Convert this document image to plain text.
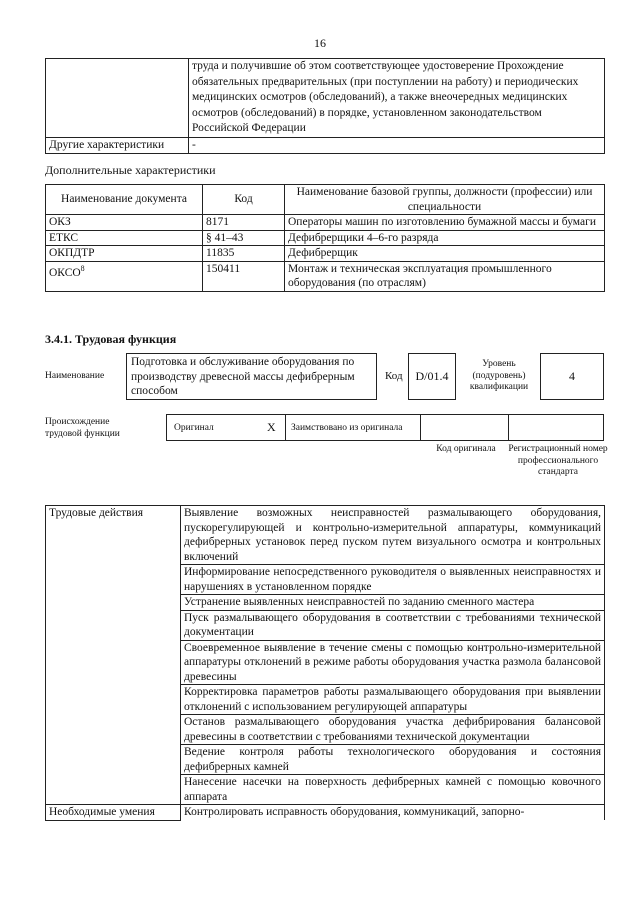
16
	труда и получившие об этом соответствующее удостоверение Прохождение обязательных предварительных (при поступлении на работу) и периодических медицинских осмотров (обследований), а также внеочередных медицинских осмотров (обследований) в порядке, установленном законодательством Российской Федерации
Другие характеристики	-
Дополнительные характеристики
Наименование документа	Код	Наименование базовой группы, должности (профессии) или специальности
ОКЗ	8171	Операторы машин по изготовлению бумажной массы и бумаги
ЕТКС	§ 41–43	Дефибрерщики 4–6-го разряда
ОКПДТР	11835	Дефибрерщик
ОКСО$^8$	150411	Монтаж и техническая эксплуатация промышленного оборудования (по отраслям)
3.4.1. Трудовая функция
Наименование
Подготовка и обслуживание оборудования по производству древесной массы дефибрерным способом
Код	D/01.4
Уровень (подуровень) квалификации
4
Происхождение трудовой функции
Оригинал	X Заимствовано из оригинала
Код оригинала	Регистрационный номер профессионального стандарта
Трудовые действия	Выявление возможных неисправностей размалывающего оборудования, пускорегулирующей и контрольно-измерительной аппаратуры, коммуникаций дефибрерных установок перед пуском путем визуального осмотра и контрольных включений
	Информирование непосредственного руководителя о выявленных неисправностях и нарушениях в установленном порядке
	Устранение выявленных неисправностей по заданию сменного мастера
	Пуск размалывающего оборудования в соответствии с требованиями технической документации
	Своевременное выявление в течение смены с помощью контрольно-измерительной аппаратуры отклонений в режиме работы оборудования участка размола балансовой древесины
	Корректировка параметров работы размалывающего оборудования при выявлении отклонений с использованием регулирующей аппаратуры
	Останов размалывающего оборудования участка дефибрирования балансовой древесины в соответствии с требованиями технической документации
	Ведение контроля работы технологического оборудования и состояния дефибрерных камней
	Нанесение насечки на поверхность дефибрерных камней с помощью ковочного аппарата
Необходимые умения	Контролировать исправность оборудования, коммуникаций, запорно-
